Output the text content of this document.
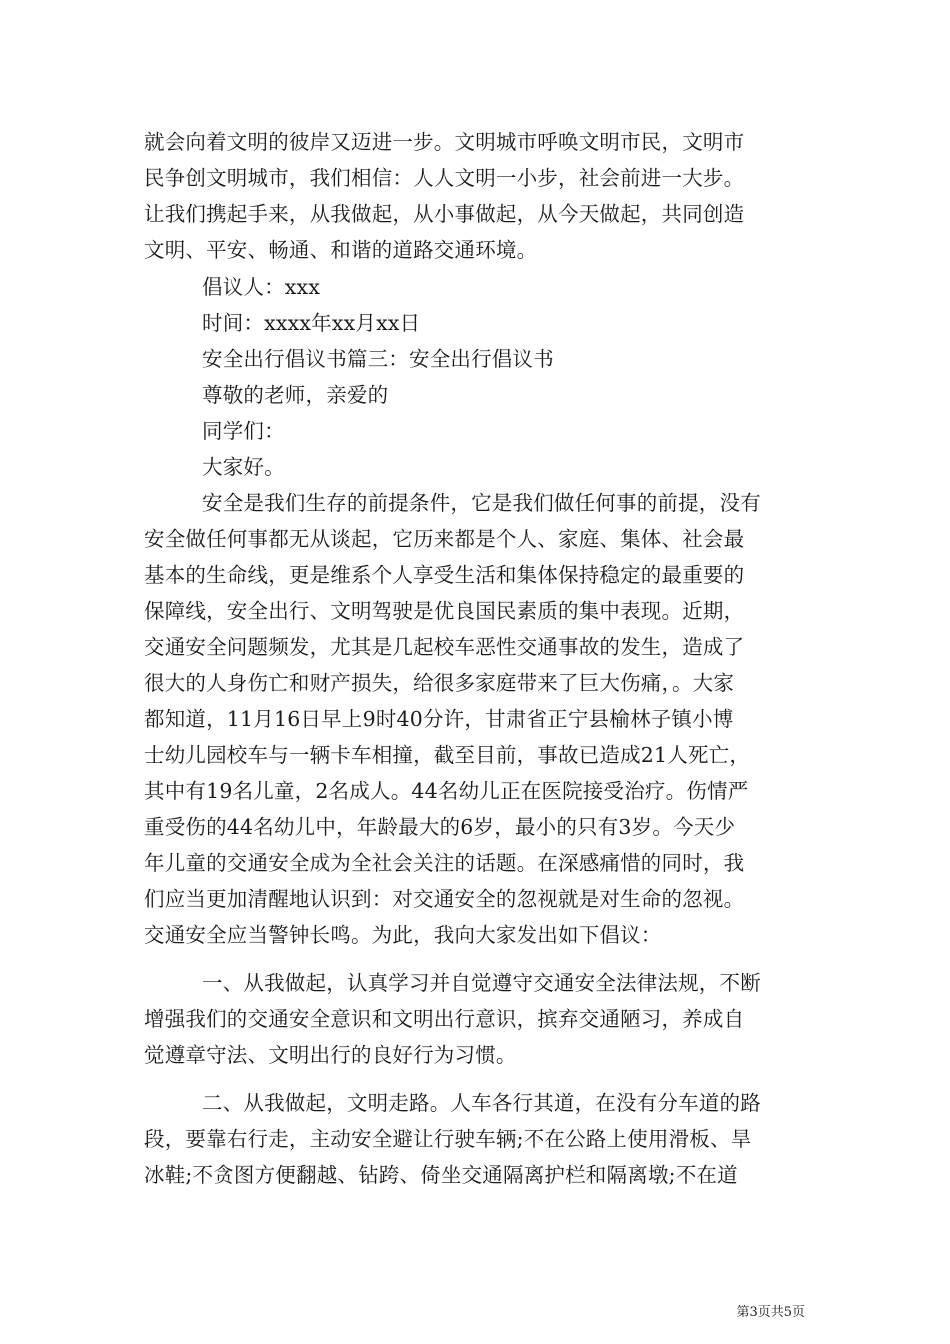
就会向着文明的彼岸又迈进一步。文明城市呼唤文明市民，文明市
民争创文明城市，我们相信：人人文明一小步，社会前进一大步。
让我们携起手来，从我做起，从小事做起，从今天做起，共同创造
文明、平安、畅通、和谐的道路交通环境。
倡议人：xxx
时间：xxxx年xx月xx日
安全出行倡议书篇三：安全出行倡议书
尊敬的老师，亲爱的
同学们：
大家好。
安全是我们生存的前提条件，它是我们做任何事的前提，没有
安全做任何事都无从谈起，它历来都是个人、家庭、集体、社会最
基本的生命线，更是维系个人享受生活和集体保持稳定的最重要的
保障线，安全出行、文明驾驶是优良国民素质的集中表现。近期，
交通安全问题频发，尤其是几起校车恶性交通事故的发生，造成了
很大的人身伤亡和财产损失，给很多家庭带来了巨大伤痛，。大家
都知道，11月16日早上9时40分许，甘肃省正宁县榆林子镇小博
士幼儿园校车与一辆卡车相撞，截至目前，事故已造成21人死亡，
其中有19名儿童，2名成人。44名幼儿正在医院接受治疗。伤情严
重受伤的44名幼儿中，年龄最大的6岁，最小的只有3岁。今天少
年儿童的交通安全成为全社会关注的话题。在深感痛惜的同时，我
们应当更加清醒地认识到：对交通安全的忽视就是对生命的忽视。
交通安全应当警钟长鸣。为此，我向大家发出如下倡议：
一、从我做起，认真学习并自觉遵守交通安全法律法规，不断
增强我们的交通安全意识和文明出行意识，摈弃交通陋习，养成自
觉遵章守法、文明出行的良好行为习惯。
二、从我做起，文明走路。人车各行其道，在没有分车道的路
段，要靠右行走，主动安全避让行驶车辆;不在公路上使用滑板、旱
冰鞋;不贪图方便翻越、钻跨、倚坐交通隔离护栏和隔离墩;不在道
第3页共5页
